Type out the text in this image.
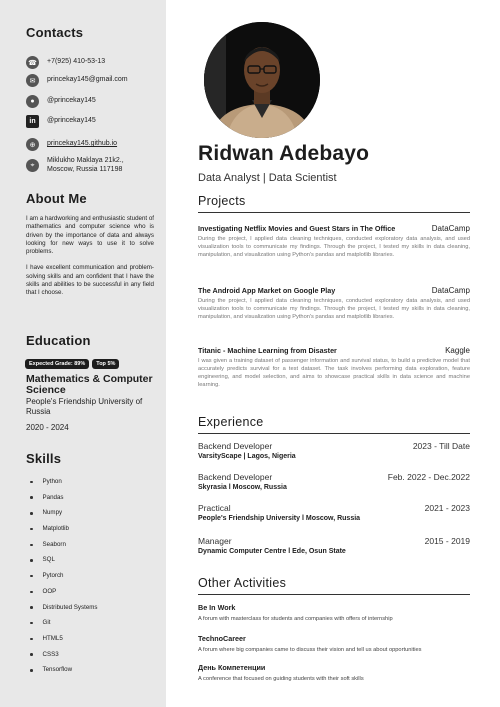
Contacts
☎	+7(925) 410-53-13
✉	princekay145@gmail.com
●	@princekay145
in	@princekay145
⊕	princekay145.github.io
⌖
Miklukho Maklaya 21k2.,
Moscow, Russia 117198
About Me

I am a hardworking and enthusiastic student of mathematics and computer science who is driven by the importance of data and always looking for new ways to use it to solve problems.

I have excellent communication and problem-solving skills and am confident that I have the skills and abilities to be successful in any field that I choose.

Education
Expected Grade: 89%	Top 5%
Mathematics & Computer Science
People's Friendship University of Russia
2020 - 2024
Skills
Python
Pandas
Numpy
Matplotlib
Seaborn
SQL
Pytorch
OOP
Distributed Systems
Git
HTML5
CSS3
Tensorflow
Ridwan Adebayo
Data Analyst | Data Scientist
Projects
Investigating Netflix Movies and Guest Stars in The Office	DataCamp
During the project, I applied data cleaning techniques, conducted exploratory data analysis, and used visualization tools to communicate my findings. Through the project, I tested my skills in data cleaning, manipulation, and visualization using Python's pandas and matplotlib libraries.
The Android App Market on Google Play	DataCamp
During the project, I applied data cleaning techniques, conducted exploratory data analysis, and used visualization tools to communicate my findings. Through the project, I tested my skills in data cleaning, manipulation, and visualization using Python's pandas and matplotlib libraries.
Titanic - Machine Learning from Disaster	Kaggle
I was given a training dataset of passenger information and survival status, to build a predictive model that accurately predicts survival for a test dataset. The task involves performing data exploration, feature engineering, and model selection, and aims to showcase practical skills in data science and machine learning.
Experience
Backend Developer	2023 - Till Date
VarsityScape | Lagos, Nigeria
Backend Developer	Feb. 2022 - Dec.2022
Skyrasia l Moscow, Russia
Practical	2021 - 2023
People's Friendship University l Moscow, Russia
Manager	2015 - 2019
Dynamic Computer Centre l Ede, Osun State
Other Activities
Be In Work
A forum with masterclass for students and companies with offers of internship
TechnoCareer
A forum where big companies came to discuss their vision and tell us about opportunities
День Компетенции
A conference that focused on guiding students with their soft skills
